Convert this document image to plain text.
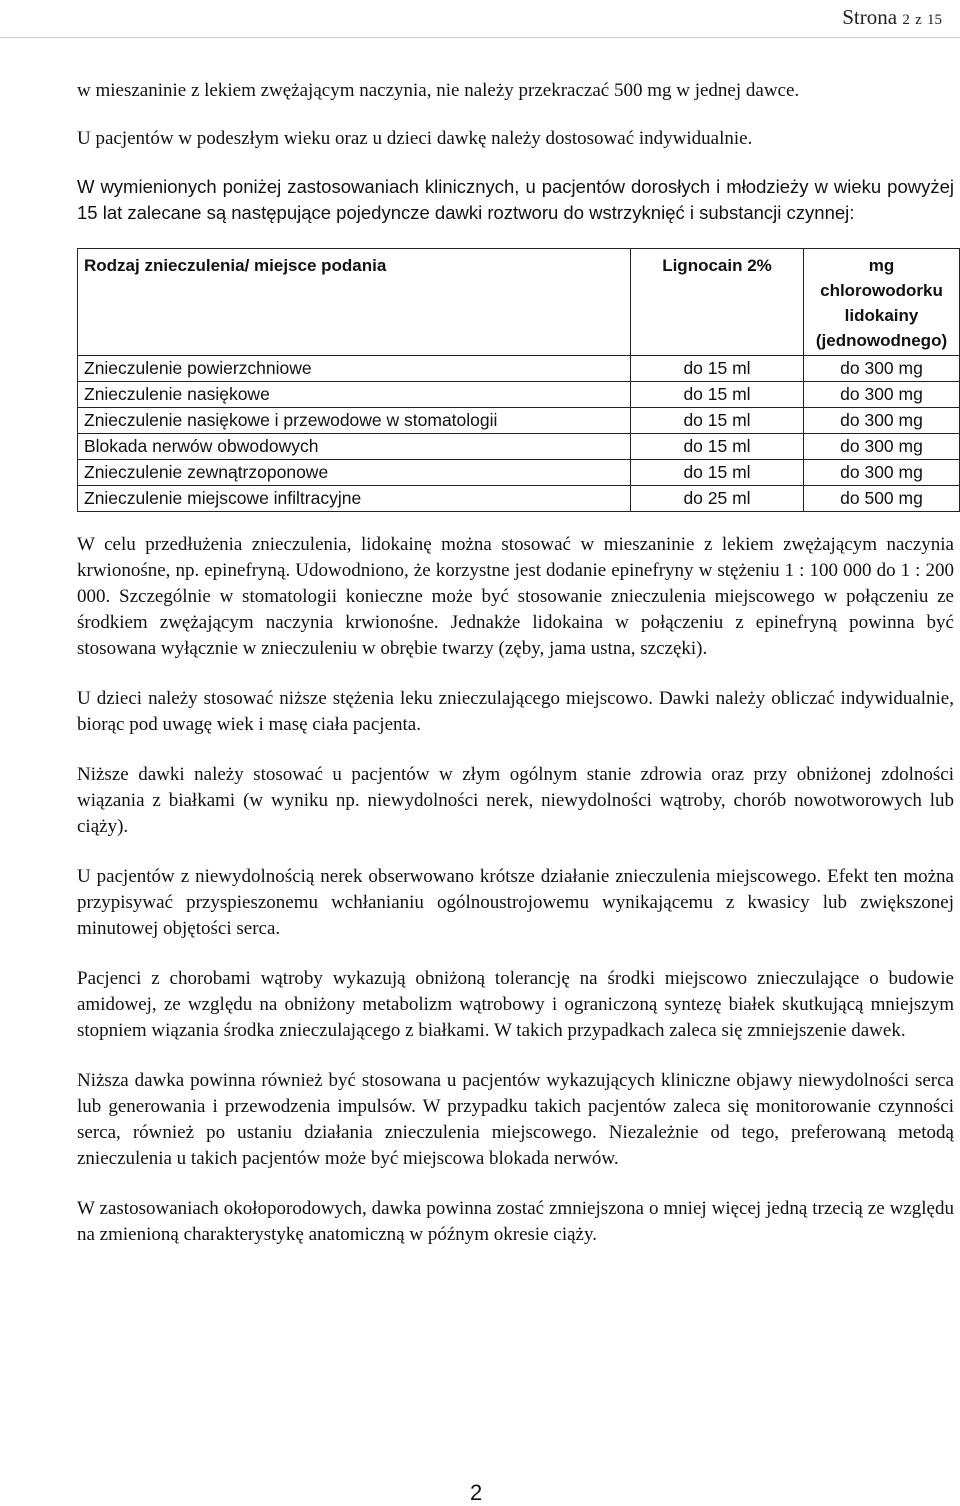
Strona 2 z 15

w mieszaninie z lekiem zwężającym naczynia, nie należy przekraczać 500 mg w jednej dawce.

U pacjentów w podeszłym wieku oraz u dzieci dawkę należy dostosować indywidualnie.

W wymienionych poniżej zastosowaniach klinicznych, u pacjentów dorosłych i młodzieży w wieku powyżej 15 lat zalecane są następujące pojedyncze dawki roztworu do wstrzyknięć i substancji czynnej:

Rodzaj znieczulenia/ miejsce podania	Lignocain 2%	mg chlorowodorku lidokainy (jednowodnego)
Znieczulenie powierzchniowe	do 15 ml	do 300 mg
Znieczulenie nasiękowe	do 15 ml	do 300 mg
Znieczulenie nasiękowe i przewodowe w stomatologii	do 15 ml	do 300 mg
Blokada nerwów obwodowych	do 15 ml	do 300 mg
Znieczulenie zewnątrzoponowe	do 15 ml	do 300 mg
Znieczulenie miejscowe infiltracyjne	do 25 ml	do 500 mg

W celu przedłużenia znieczulenia, lidokainę można stosować w mieszaninie z lekiem zwężającym naczynia krwionośne, np. epinefryną. Udowodniono, że korzystne jest dodanie epinefryny w stężeniu 1 : 100 000 do 1 : 200 000. Szczególnie w stomatologii konieczne może być stosowanie znieczulenia miejscowego w połączeniu ze środkiem zwężającym naczynia krwionośne. Jednakże lidokaina w połączeniu z epinefryną powinna być stosowana wyłącznie w znieczuleniu w obrębie twarzy (zęby, jama ustna, szczęki).

U dzieci należy stosować niższe stężenia leku znieczulającego miejscowo. Dawki należy obliczać indywidualnie, biorąc pod uwagę wiek i masę ciała pacjenta.

Niższe dawki należy stosować u pacjentów w złym ogólnym stanie zdrowia oraz przy obniżonej zdolności wiązania z białkami (w wyniku np. niewydolności nerek, niewydolności wątroby, chorób nowotworowych lub ciąży).

U pacjentów z niewydolnością nerek obserwowano krótsze działanie znieczulenia miejscowego. Efekt ten można przypisywać przyspieszonemu wchłanianiu ogólnoustrojowemu wynikającemu z kwasicy lub zwiększonej minutowej objętości serca.

Pacjenci z chorobami wątroby wykazują obniżoną tolerancję na środki miejscowo znieczulające o budowie amidowej, ze względu na obniżony metabolizm wątrobowy i ograniczoną syntezę białek skutkującą mniejszym stopniem wiązania środka znieczulającego z białkami. W takich przypadkach zaleca się zmniejszenie dawek.

Niższa dawka powinna również być stosowana u pacjentów wykazujących kliniczne objawy niewydolności serca lub generowania i przewodzenia impulsów. W przypadku takich pacjentów zaleca się monitorowanie czynności serca, również po ustaniu działania znieczulenia miejscowego. Niezależnie od tego, preferowaną metodą znieczulenia u takich pacjentów może być miejscowa blokada nerwów.

W zastosowaniach okołoporodowych, dawka powinna zostać zmniejszona o mniej więcej jedną trzecią ze względu na zmienioną charakterystykę anatomiczną w późnym okresie ciąży.

2
